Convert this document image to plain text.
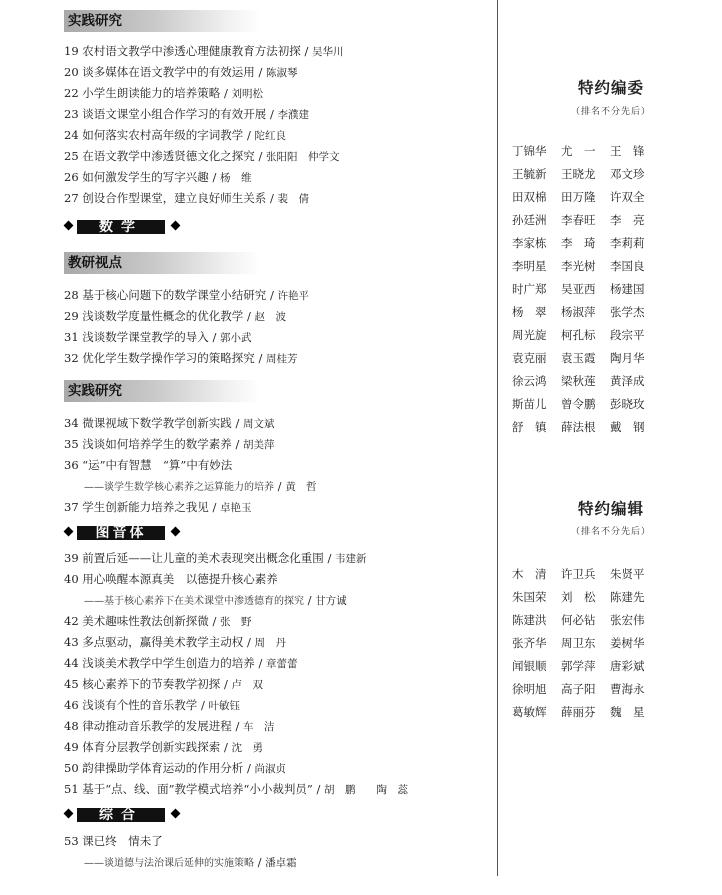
实践研究
19 农村语文教学中渗透心理健康教育方法初探 / 吴华川
20 谈多媒体在语文教学中的有效运用 / 陈淑琴
22 小学生朗读能力的培养策略 / 刘明松
23 谈语文课堂小组合作学习的有效开展 / 李濮建
24 如何落实农村高年级的字词教学 / 陀红良
25 在语文教学中渗透贤德文化之探究 / 张阳阳　仲学文
26 如何激发学生的写字兴趣 / 杨　维
27 创设合作型课堂，建立良好师生关系 / 裴　倩
数学
教研视点
28 基于核心问题下的数学课堂小结研究 / 许艳平
29 浅谈数学度量性概念的优化教学 / 赵　波
31 浅谈数学课堂教学的导入 / 郭小武
32 优化学生数学操作学习的策略探究 / 周桂芳
实践研究
34 微课视域下数学教学创新实践 / 周文斌
35 浅谈如何培养学生的数学素养 / 胡美萍
36 “运”中有智慧　“算”中有妙法
——谈学生数学核心素养之运算能力的培养 / 黄　哲
37 学生创新能力培养之我见 / 卓艳玉
图音体
39 前置后延——让儿童的美术表现突出概念化重围 / 韦建新
40 用心唤醒本源真美　以德提升核心素养
——基于核心素养下在美术课堂中渗透德育的探究 / 甘方诚
42 美术趣味性教法创新探微 / 张　野
43 多点驱动，赢得美术教学主动权 / 周　丹
44 浅谈美术教学中学生创造力的培养 / 章蕾蕾
45 核心素养下的节奏教学初探 / 卢　双
46 浅谈有个性的音乐教学 / 叶敏钰
48 律动推动音乐教学的发展进程 / 车　洁
49 体育分层教学创新实践探索 / 沈　勇
50 韵律操助学体育运动的作用分析 / 尚淑贞
51 基于“点、线、面”教学模式培养“小小裁判员” / 胡　鹏　　陶　蕊
综合
53 课已终　情未了
——谈道德与法治课后延伸的实施策略 / 潘卓霜
特约编委
（排名不分先后）
丁锦华 尤　一 王　锋
王毓新 王晓龙 邓文珍
田双棉 田万隆 许双全
孙廷洲 李春旺 李　亮
李家栋 李　琦 李莉莉
李明星 李光树 李国良
时广郑 吴亚西 杨建国
杨　翠 杨淑萍 张学杰
周光旋 柯孔标 段宗平
袁克丽 袁玉霞 陶月华
徐云鸿 梁秋莲 黄泽成
斯苗儿 曾令鹏 彭晓玫
舒　镇 薛法根 戴　钢
特约编辑
（排名不分先后）
木　清 许卫兵 朱贤平
朱国荣 刘　松 陈建先
陈建洪 何必钻 张宏伟
张齐华 周卫东 姜树华
闻银顺 郭学萍 唐彩斌
徐明旭 高子阳 曹海永
葛敏辉 薛丽芬 魏　星
